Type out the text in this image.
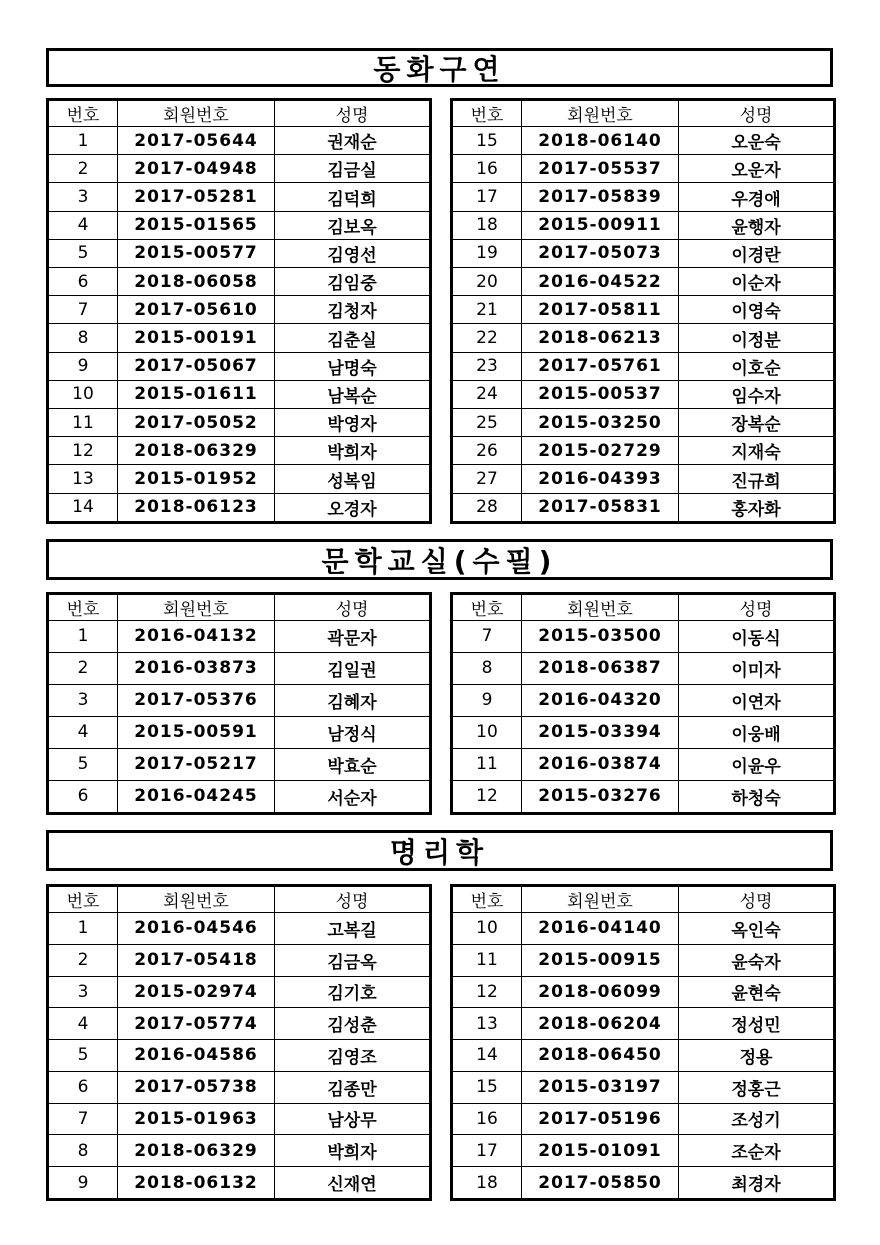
동화구연
번호	회원번호	성명
1	2017-05644	권재순
2	2017-04948	김금실
3	2017-05281	김덕희
4	2015-01565	김보옥
5	2015-00577	김영선
6	2018-06058	김임중
7	2017-05610	김청자
8	2015-00191	김춘실
9	2017-05067	남명숙
10	2015-01611	남복순
11	2017-05052	박영자
12	2018-06329	박희자
13	2015-01952	성복임
14	2018-06123	오경자
번호	회원번호	성명
15	2018-06140	오운숙
16	2017-05537	오운자
17	2017-05839	우경애
18	2015-00911	윤행자
19	2017-05073	이경란
20	2016-04522	이순자
21	2017-05811	이영숙
22	2018-06213	이정분
23	2017-05761	이호순
24	2015-00537	임수자
25	2015-03250	장복순
26	2015-02729	지재숙
27	2016-04393	진규희
28	2017-05831	홍자화
문학교실(수필)
번호	회원번호	성명
1	2016-04132	곽문자
2	2016-03873	김일권
3	2017-05376	김혜자
4	2015-00591	남정식
5	2017-05217	박효순
6	2016-04245	서순자
번호	회원번호	성명
7	2015-03500	이동식
8	2018-06387	이미자
9	2016-04320	이연자
10	2015-03394	이웅배
11	2016-03874	이윤우
12	2015-03276	하청숙
명리학
번호	회원번호	성명
1	2016-04546	고복길
2	2017-05418	김금옥
3	2015-02974	김기호
4	2017-05774	김성춘
5	2016-04586	김영조
6	2017-05738	김종만
7	2015-01963	남상무
8	2018-06329	박희자
9	2018-06132	신재연
번호	회원번호	성명
10	2016-04140	옥인숙
11	2015-00915	윤숙자
12	2018-06099	윤현숙
13	2018-06204	정성민
14	2018-06450	정용
15	2015-03197	정홍근
16	2017-05196	조성기
17	2015-01091	조순자
18	2017-05850	최경자
